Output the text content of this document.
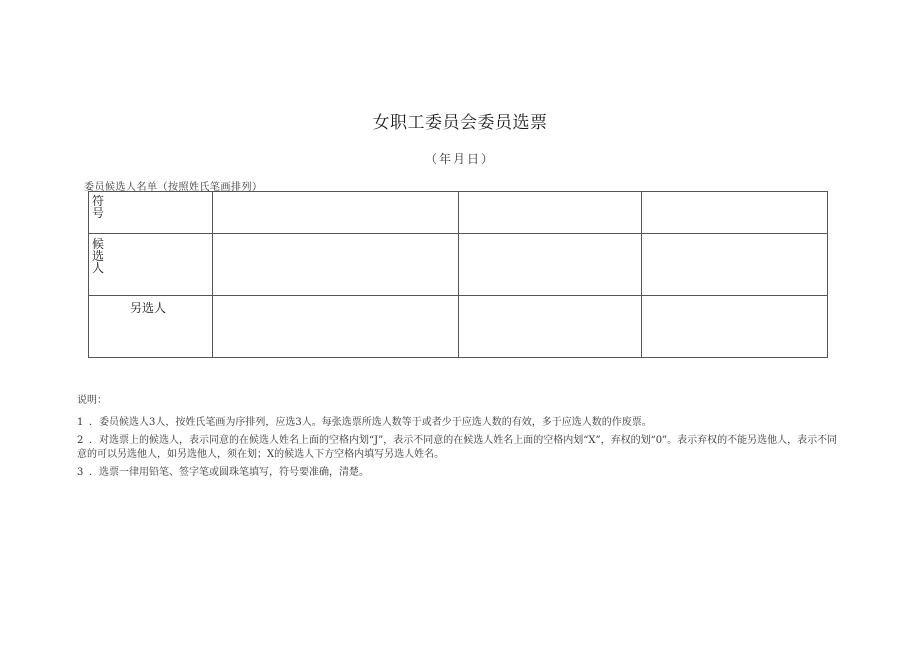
女职工委员会委员选票
（年月日）
委员候选人名单（按照姓氏笔画排列）
符号			

候选人			

另选人			

说明：

1 ．委员候选人3人，按姓氏笔画为序排列，应选3人。每张选票所选人数等于或者少于应选人数的有效，多于应选人数的作废票。

2 ．对选票上的候选人，表示同意的在候选人姓名上面的空格内划“J”，表示不同意的在候选人姓名上面的空格内划“X”，弃权的划“0”。表示弃权的不能另选他人，表示不同意的可以另选他人，如另选他人，须在划；X的候选人下方空格内填写另选人姓名。

3 ．选票一律用铅笔、签字笔或圆珠笔填写，符号要准确，清楚。
